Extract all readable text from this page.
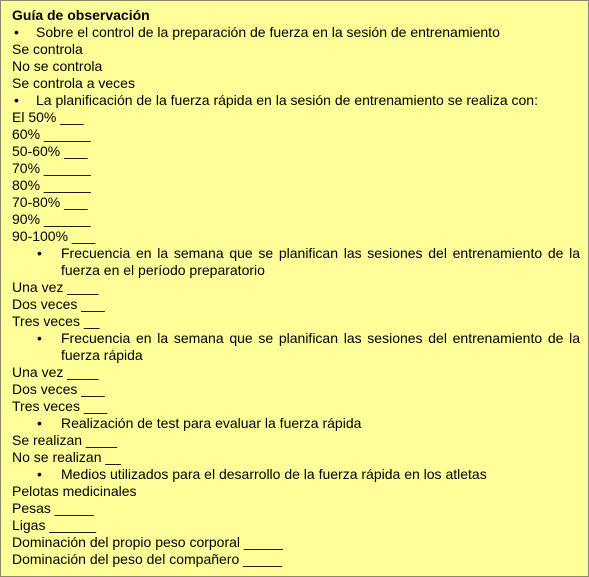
Guía de observación
• Sobre el control de la preparación de fuerza en la sesión de entrenamiento
Se controla
No se controla
Se controla a veces
• La planificación de la fuerza rápida en la sesión de entrenamiento se realiza con:
El 50% ___
60% ______
50-60% ___
70% ______
80% ______
70-80% ___
90% ______
90-100% ___
• Frecuencia en la semana que se planifican las sesiones del entrenamiento de la fuerza en el período preparatorio
Una vez ____
Dos veces ___
Tres veces __
• Frecuencia en la semana que se planifican las sesiones del entrenamiento de la fuerza rápida
Una vez ____
Dos veces ___
Tres veces ___
• Realización de test para evaluar la fuerza rápida
Se realizan ____
No se realizan __
• Medios utilizados para el desarrollo de la fuerza rápida en los atletas
Pelotas medicinales
Pesas _____
Ligas ______
Dominación del propio peso corporal _____
Dominación del peso del compañero _____
